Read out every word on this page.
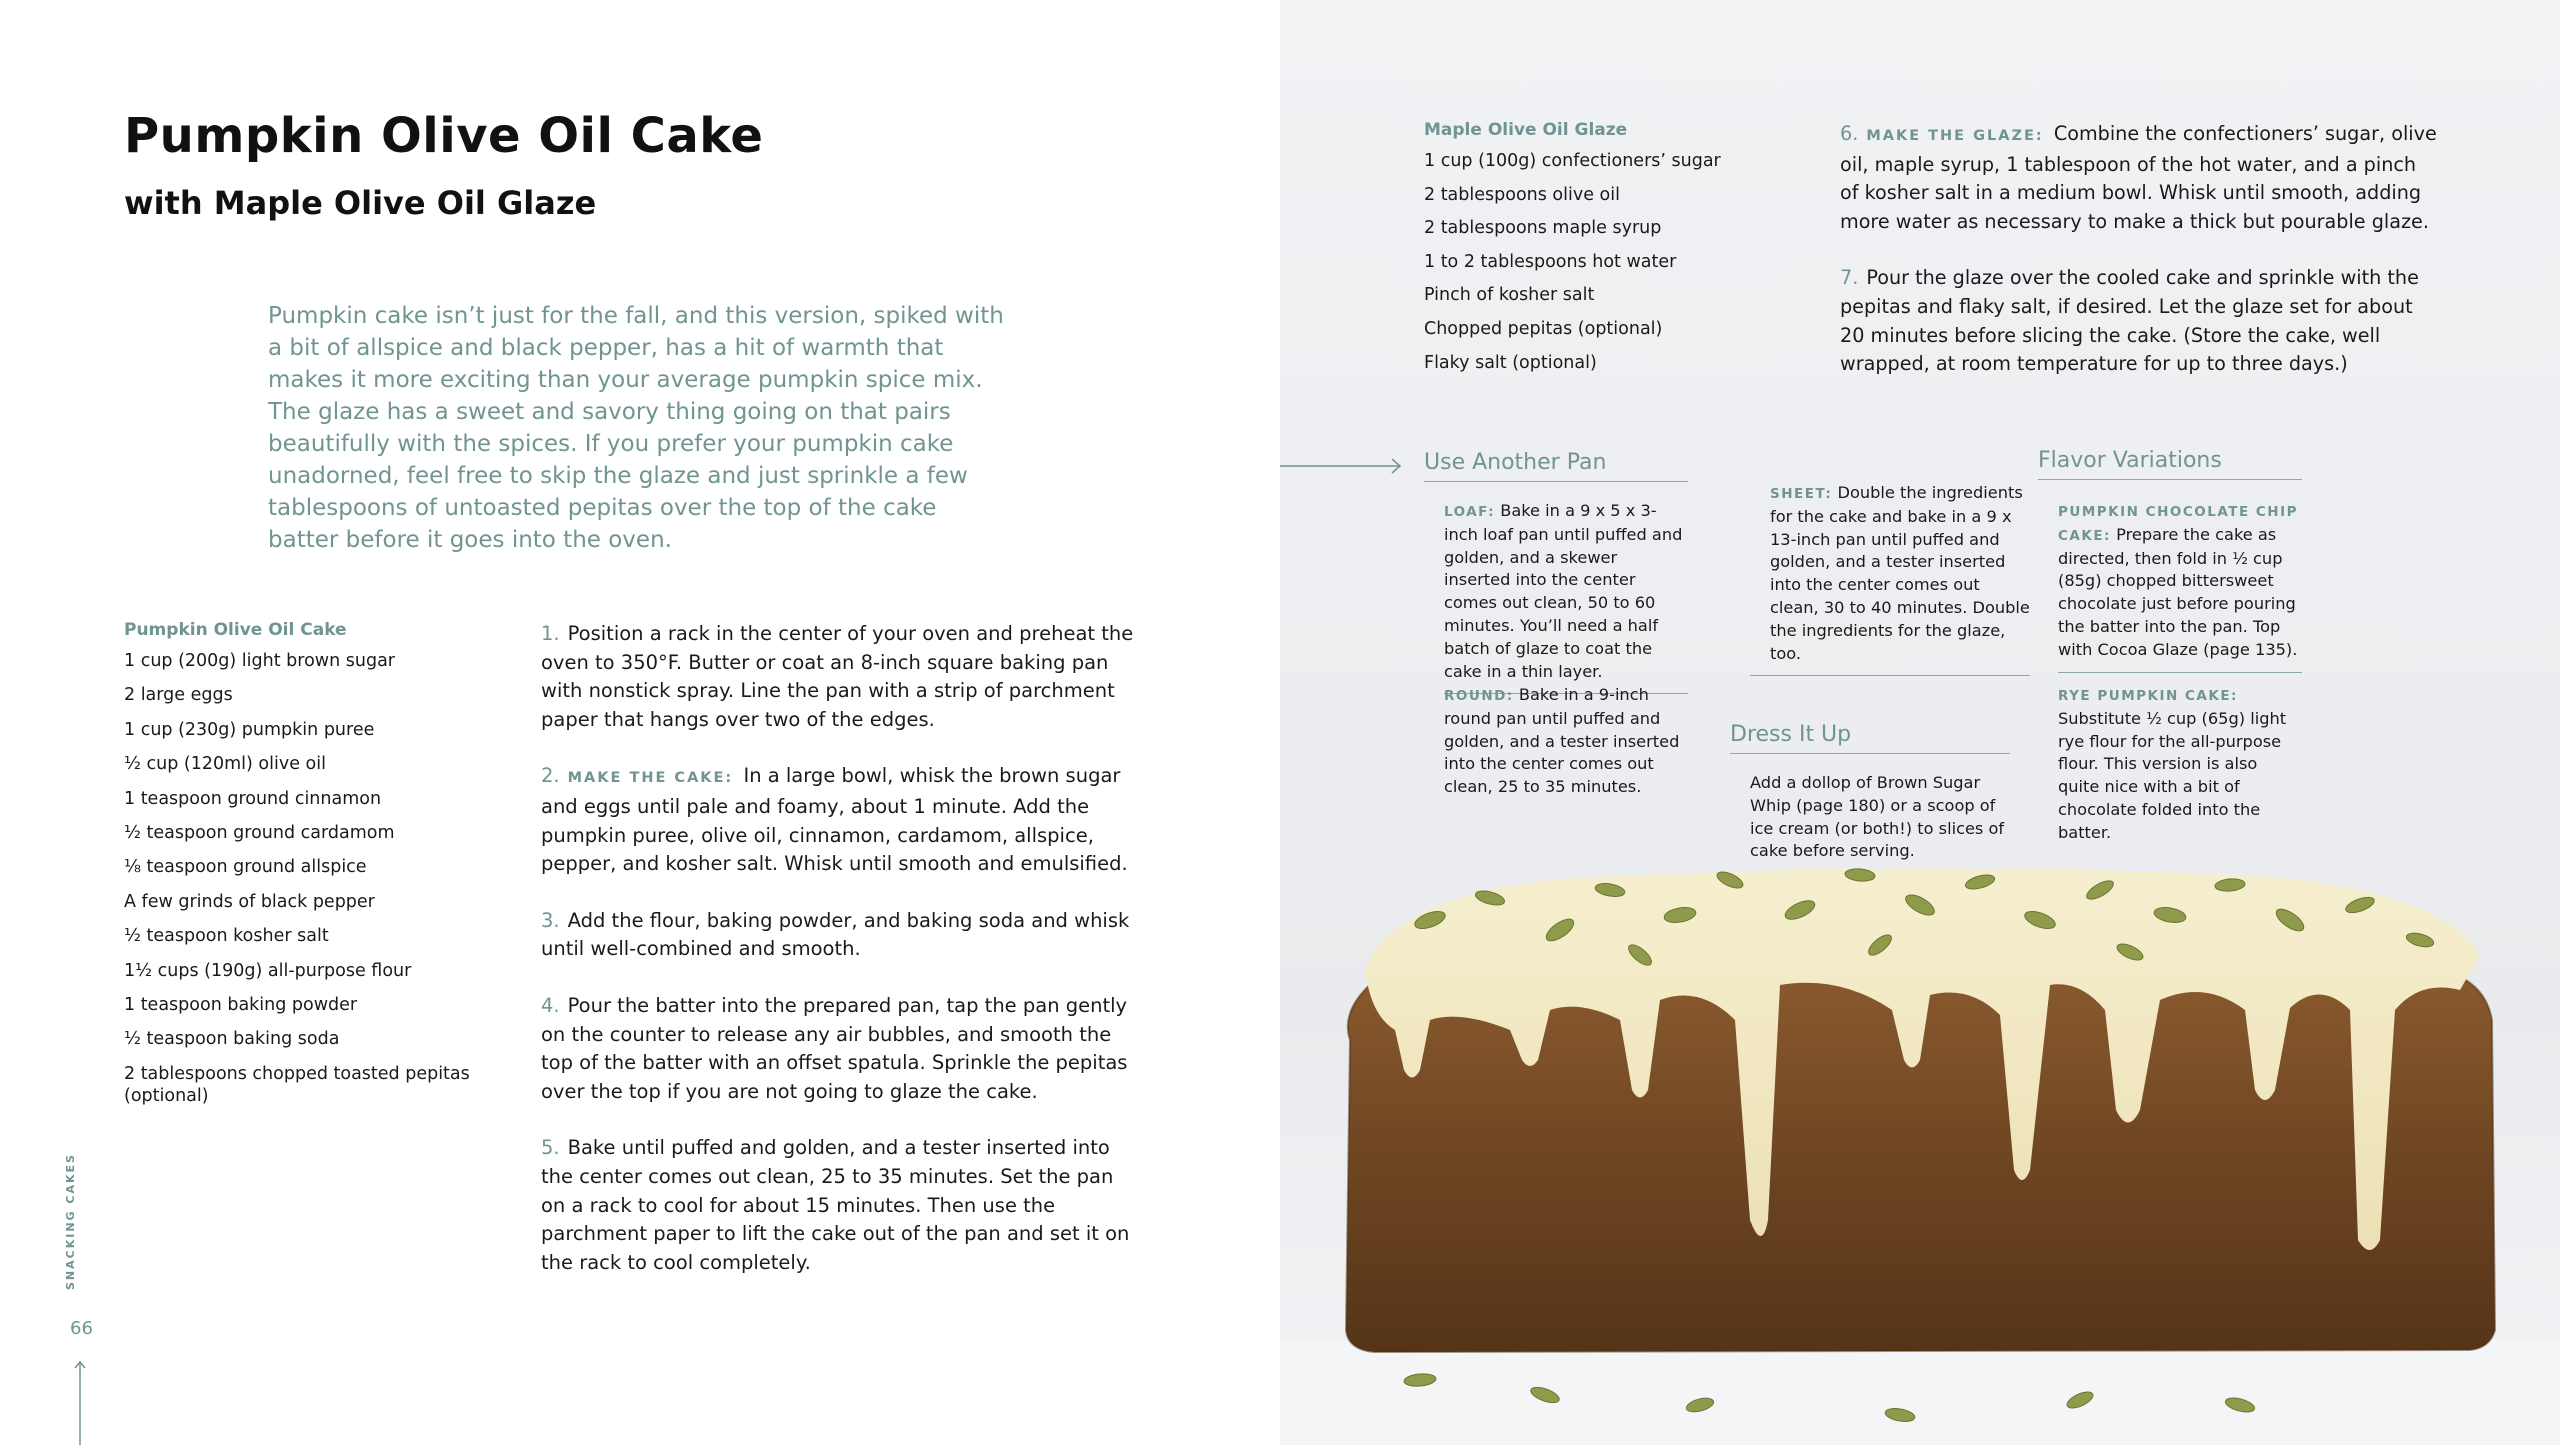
Pumpkin Olive Oil Cake
with Maple Olive Oil Glaze
Pumpkin cake isn’t just for the fall, and this version, spiked with a bit of allspice and black pepper, has a hit of warmth that makes it more exciting than your average pumpkin spice mix. The glaze has a sweet and savory thing going on that pairs beautifully with the spices. If you prefer your pumpkin cake unadorned, feel free to skip the glaze and just sprinkle a few tablespoons of untoasted pepitas over the top of the cake batter before it goes into the oven.
Pumpkin Olive Oil Cake
1 cup (200g) light brown sugar
2 large eggs
1 cup (230g) pumpkin puree
½ cup (120ml) olive oil
1 teaspoon ground cinnamon
½ teaspoon ground cardamom
⅛ teaspoon ground allspice
A few grinds of black pepper
½ teaspoon kosher salt
1½ cups (190g) all-purpose flour
1 teaspoon baking powder
½ teaspoon baking soda
2 tablespoons chopped toasted pepitas (optional)
1. Position a rack in the center of your oven and preheat the oven to 350°F. Butter or coat an 8-inch square baking pan with nonstick spray. Line the pan with a strip of parchment paper that hangs over two of the edges.
2. MAKE THE CAKE: In a large bowl, whisk the brown sugar and eggs until pale and foamy, about 1 minute. Add the pumpkin puree, olive oil, cinnamon, cardamom, allspice, pepper, and kosher salt. Whisk until smooth and emulsified.
3. Add the flour, baking powder, and baking soda and whisk until well-combined and smooth.
4. Pour the batter into the prepared pan, tap the pan gently on the counter to release any air bubbles, and smooth the top of the batter with an offset spatula. Sprinkle the pepitas over the top if you are not going to glaze the cake.
5. Bake until puffed and golden, and a tester inserted into the center comes out clean, 25 to 35 minutes. Set the pan on a rack to cool for about 15 minutes. Then use the parchment paper to lift the cake out of the pan and set it on the rack to cool completely.
SNACKING CAKES
66
Maple Olive Oil Glaze
1 cup (100g) confectioners’ sugar
2 tablespoons olive oil
2 tablespoons maple syrup
1 to 2 tablespoons hot water
Pinch of kosher salt
Chopped pepitas (optional)
Flaky salt (optional)
6. MAKE THE GLAZE: Combine the confectioners’ sugar, olive oil, maple syrup, 1 tablespoon of the hot water, and a pinch of kosher salt in a medium bowl. Whisk until smooth, adding more water as necessary to make a thick but pourable glaze.
7. Pour the glaze over the cooled cake and sprinkle with the pepitas and flaky salt, if desired. Let the glaze set for about 20 minutes before slicing the cake. (Store the cake, well wrapped, at room temperature for up to three days.)
Use Another Pan
LOAF: Bake in a 9 x 5 x 3-inch loaf pan until puffed and golden, and a skewer inserted into the center comes out clean, 50 to 60 minutes. You’ll need a half batch of glaze to coat the cake in a thin layer.
ROUND: Bake in a 9-inch round pan until puffed and golden, and a tester inserted into the center comes out clean, 25 to 35 minutes.
SHEET: Double the ingredients for the cake and bake in a 9 x 13-inch pan until puffed and golden, and a tester inserted into the center comes out clean, 30 to 40 minutes. Double the ingredients for the glaze, too.
Dress It Up
Add a dollop of Brown Sugar Whip (page 180) or a scoop of ice cream (or both!) to slices of cake before serving.
Flavor Variations
PUMPKIN CHOCOLATE CHIP CAKE: Prepare the cake as directed, then fold in ½ cup (85g) chopped bittersweet chocolate just before pouring the batter into the pan. Top with Cocoa Glaze (page 135).
RYE PUMPKIN CAKE:
Substitute ½ cup (65g) light rye flour for the all-purpose flour. This version is also quite nice with a bit of chocolate folded into the batter.
